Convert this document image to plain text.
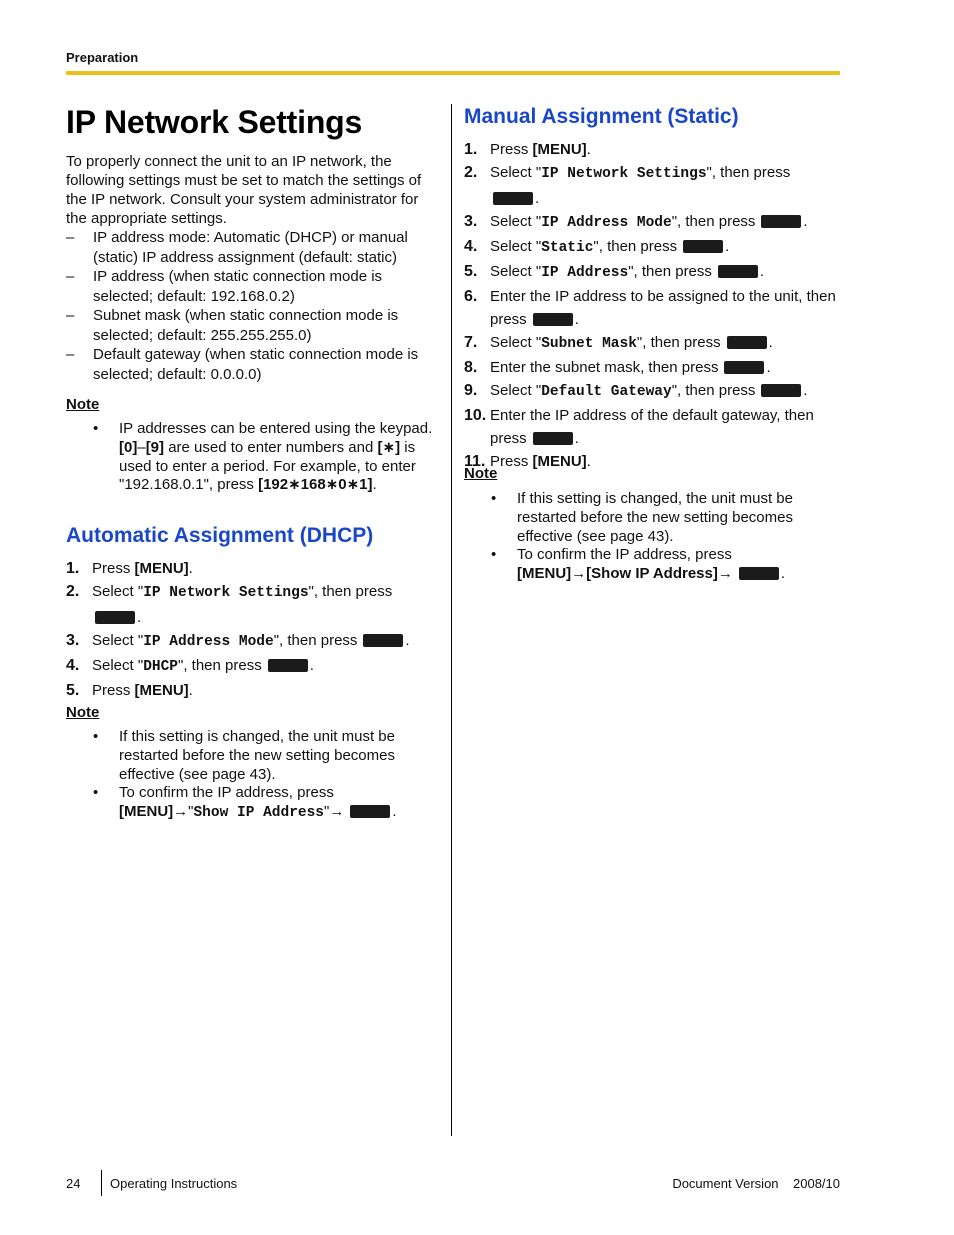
Preparation
IP Network Settings
To properly connect the unit to an IP network, the following settings must be set to match the settings of the IP network. Consult your system administrator for the appropriate settings.
– IP address mode: Automatic (DHCP) or manual (static) IP address assignment (default: static)
– IP address (when static connection mode is selected; default: 192.168.0.2)
– Subnet mask (when static connection mode is selected; default: 255.255.255.0)
– Default gateway (when static connection mode is selected; default: 0.0.0.0)
Note
• IP addresses can be entered using the keypad. [0]–[9] are used to enter numbers and [∗] is used to enter a period. For example, to enter "192.168.0.1", press [192∗168∗0∗1].
Automatic Assignment (DHCP)
1. Press [MENU].
2. Select "IP Network Settings", then press
.
3. Select "IP Address Mode", then press	.
4. Select "DHCP", then press	.
5. Press [MENU].
Note
• If this setting is changed, the unit must be restarted before the new setting becomes effective (see page 43).
• To confirm the IP address, press
[MENU]→"Show IP Address"→	.
Manual Assignment (Static)
1. Press [MENU].
2. Select "IP Network Settings", then press
.
3. Select "IP Address Mode", then press	.
4. Select "Static", then press	.
5. Select "IP Address", then press	.
6. Enter the IP address to be assigned to the unit, then press	.
7. Select "Subnet Mask", then press	.
8. Enter the subnet mask, then press	.
9. Select "Default Gateway", then press	.
10. Enter the IP address of the default gateway, then press	.
11. Press [MENU].
Note
• If this setting is changed, the unit must be restarted before the new setting becomes effective (see page 43).
• To confirm the IP address, press
[MENU]→[Show IP Address]→	.
24 Operating Instructions	Document Version 2008/10
